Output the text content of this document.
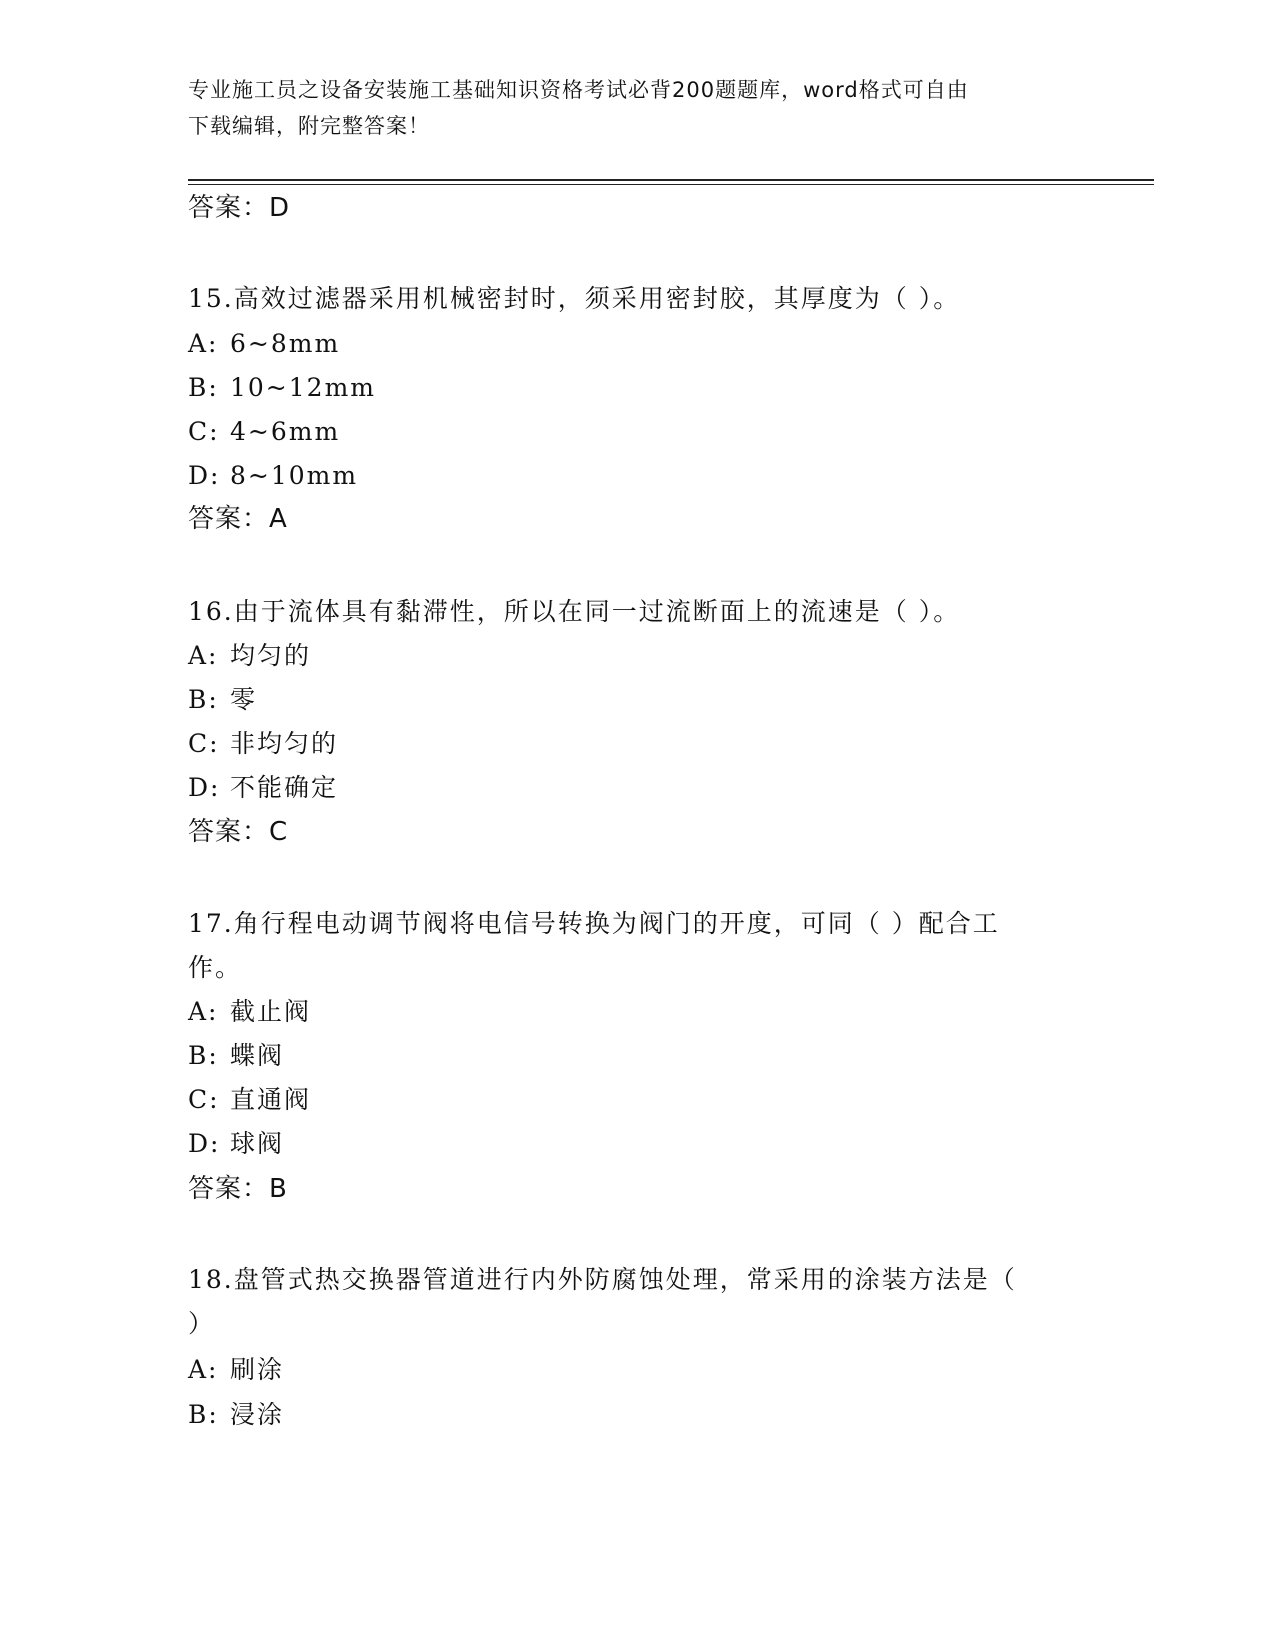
专业施工员之设备安装施工基础知识资格考试必背200题题库，word格式可自由
下载编辑，附完整答案！
答案：D
15.高效过滤器采用机械密封时，须采用密封胶，其厚度为（ ）。
A: 6~8mm
B: 10~12mm
C: 4~6mm
D: 8~10mm
答案：A
16.由于流体具有黏滞性，所以在同一过流断面上的流速是（ ）。
A: 均匀的
B: 零
C: 非均匀的
D: 不能确定
答案：C
17.角行程电动调节阀将电信号转换为阀门的开度，可同（ ）配合工
作。
A: 截止阀
B: 蝶阀
C: 直通阀
D: 球阀
答案：B
18.盘管式热交换器管道进行内外防腐蚀处理，常采用的涂装方法是（
）
A: 刷涂
B: 浸涂
